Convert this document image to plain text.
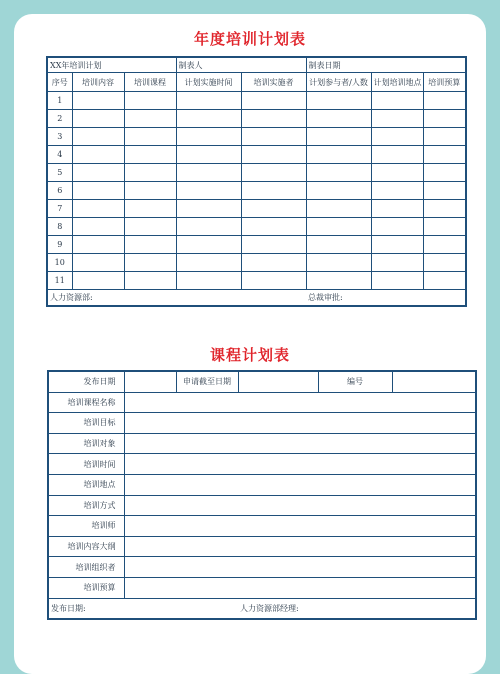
年度培训计划表
XX年培训计划			制表人		制表日期		
序号	培训内容	培训课程	计划实施时间	培训实施者	计划参与者/人数	计划培训地点	培训预算
1							
2							
3							
4							
5							
6							
7							
8							
9							
10							
11							
人力资源部:					总裁审批:		
课程计划表
发布日期		申请截至日期		编号	
培训课程名称					
培训目标					
培训对象					
培训时间					
培训地点					
培训方式					
培训师					
培训内容大纲					
培训组织者					
培训预算					
发布日期:			人力资源部经理:		
